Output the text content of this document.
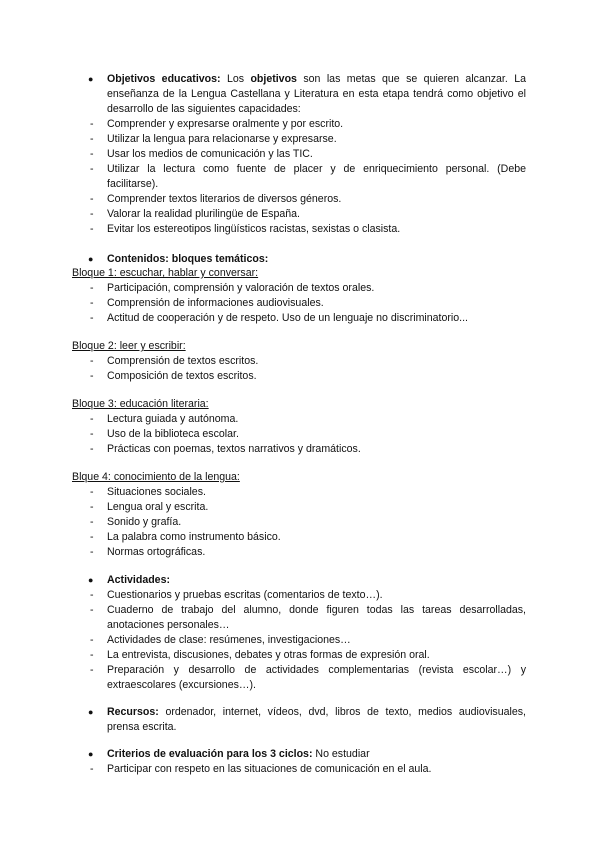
● Objetivos educativos: Los objetivos son las metas que se quieren alcanzar. La enseñanza de la Lengua Castellana y Literatura en esta etapa tendrá como objetivo el desarrollo de las siguientes capacidades:
- Comprender y expresarse oralmente y por escrito.
- Utilizar la lengua para relacionarse y expresarse.
- Usar los medios de comunicación y las TIC.
- Utilizar la lectura como fuente de placer y de enriquecimiento personal. (Debe facilitarse).
- Comprender textos literarios de diversos géneros.
- Valorar la realidad plurilingüe de España.
- Evitar los estereotipos lingüísticos racistas, sexistas o clasista.
● Contenidos: bloques temáticos:
Bloque 1: escuchar, hablar y conversar:
- Participación, comprensión y valoración de textos orales.
- Comprensión de informaciones audiovisuales.
- Actitud de cooperación y de respeto. Uso de un lenguaje no discriminatorio...
Bloque 2: leer y escribir:
- Comprensión de textos escritos.
- Composición de textos escritos.
Bloque 3: educación literaria:
- Lectura guiada y autónoma.
- Uso de la biblioteca escolar.
- Prácticas con poemas, textos narrativos y dramáticos.
Blque 4: conocimiento de la lengua:
- Situaciones sociales.
- Lengua oral y escrita.
- Sonido y grafía.
- La palabra como instrumento básico.
- Normas ortográficas.
● Actividades:
- Cuestionarios y pruebas escritas (comentarios de texto…).
- Cuaderno de trabajo del alumno, donde figuren todas las tareas desarrolladas, anotaciones personales…
- Actividades de clase: resúmenes, investigaciones…
- La entrevista, discusiones, debates y otras formas de expresión oral.
- Preparación y desarrollo de actividades complementarias (revista escolar…) y extraescolares (excursiones…).
● Recursos: ordenador, internet, vídeos, dvd, libros de texto, medios audiovisuales, prensa escrita.
● Criterios de evaluación para los 3 ciclos: No estudiar
- Participar con respeto en las situaciones de comunicación en el aula.
